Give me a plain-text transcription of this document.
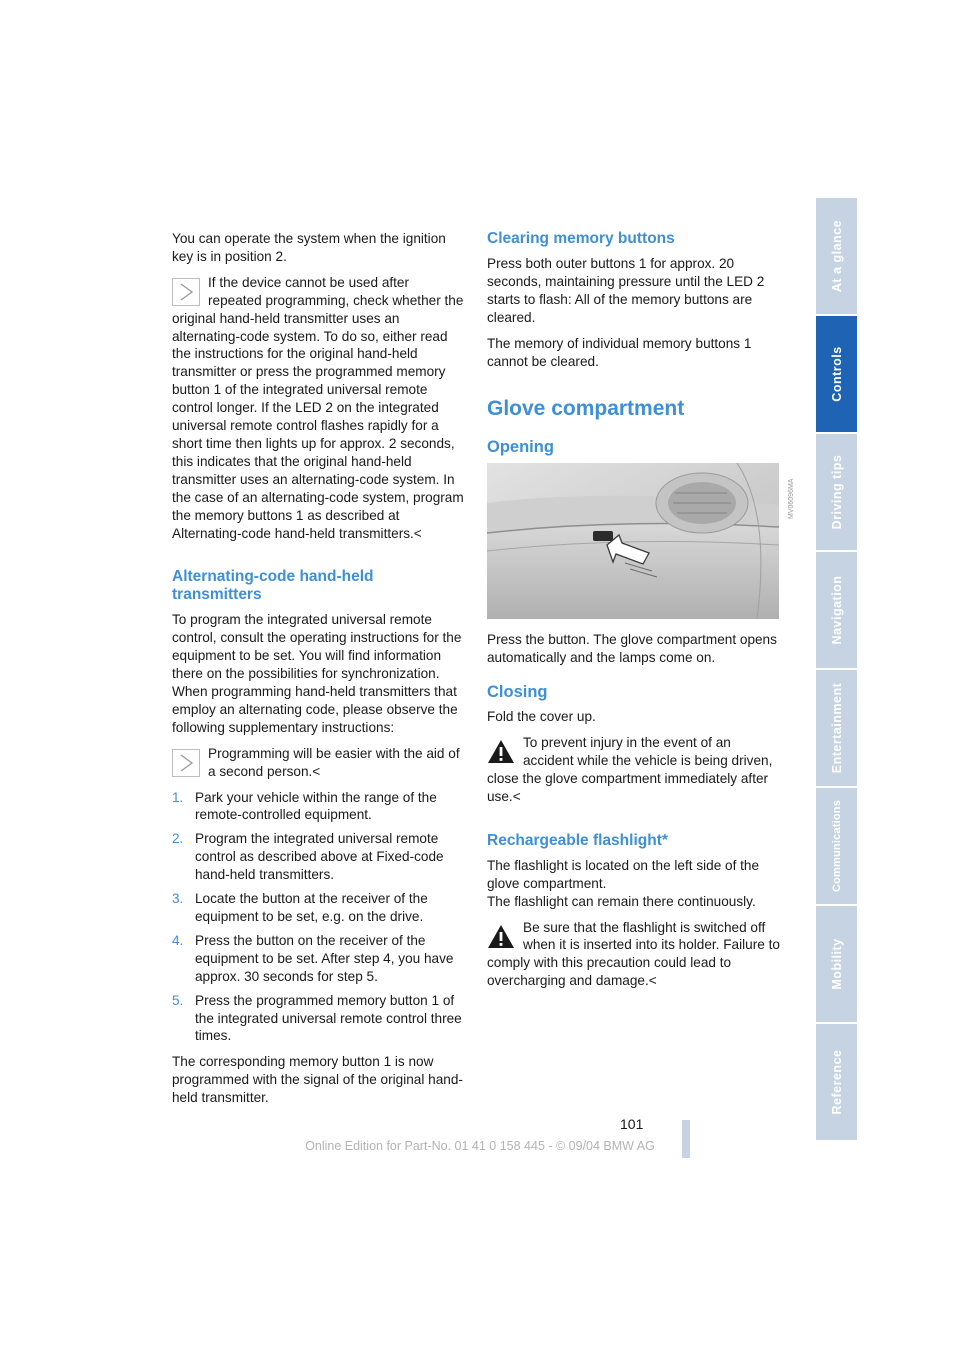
You can operate the system when the ignition key is in position 2.

If the device cannot be used after repeated programming, check whether the original hand-held transmitter uses an alternating-code system. To do so, either read the instructions for the original hand-held transmitter or press the programmed memory button 1 of the integrated universal remote control longer. If the LED 2 on the integrated universal remote control flashes rapidly for a short time then lights up for approx. 2 seconds, this indicates that the original hand-held transmitter uses an alternating-code system. In the case of an alternating-code system, program the memory buttons 1 as described at Alternating-code hand-held transmitters.<
Alternating-code hand-held transmitters

To program the integrated universal remote control, consult the operating instructions for the equipment to be set. You will find information there on the possibilities for synchronization.

When programming hand-held transmitters that employ an alternating code, please observe the following supplementary instructions:

Programming will be easier with the aid of a second person.<
1. Park your vehicle within the range of the remote-controlled equipment.
2. Program the integrated universal remote control as described above at Fixed-code hand-held transmitters.
3. Locate the button at the receiver of the equipment to be set, e.g. on the drive.
4. Press the button on the receiver of the equipment to be set. After step 4, you have approx. 30 seconds for step 5.
5. Press the programmed memory button 1 of the integrated universal remote control three times.

The corresponding memory button 1 is now programmed with the signal of the original hand-held transmitter.

Clearing memory buttons

Press both outer buttons 1 for approx. 20 seconds, maintaining pressure until the LED 2 starts to flash: All of the memory buttons are cleared.

The memory of individual memory buttons 1 cannot be cleared.

Glove compartment
Opening
MV06096MA

Press the button. The glove compartment opens automatically and the lamps come on.

Closing

Fold the cover up.

To prevent injury in the event of an accident while the vehicle is being driven, close the glove compartment immediately after use.<
Rechargeable flashlight*

The flashlight is located on the left side of the glove compartment.

The flashlight can remain there continuously.

Be sure that the flashlight is switched off when it is inserted into its holder. Failure to comply with this precaution could lead to overcharging and damage.<
At a glance
Controls
Driving tips
Navigation
Entertainment
Communications
Mobility
Reference
101
Online Edition for Part-No. 01 41 0 158 445 - © 09/04 BMW AG
